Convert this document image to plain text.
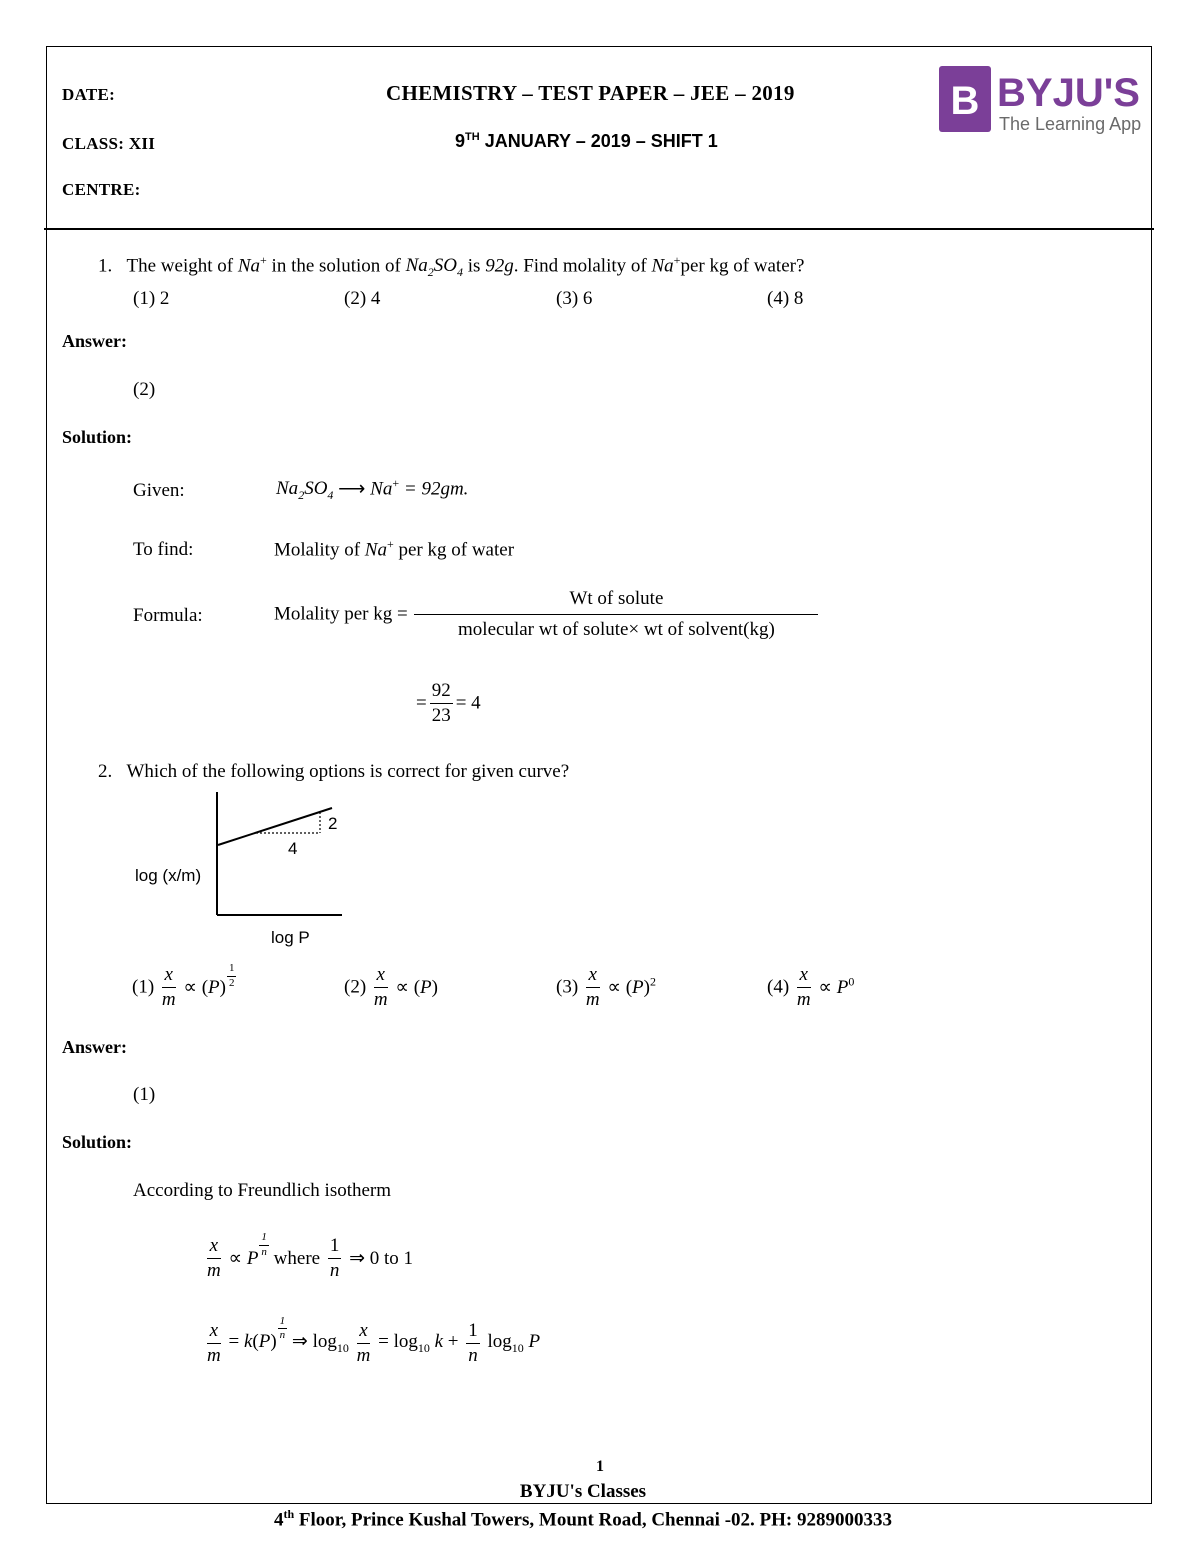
DATE:
CLASS: XII
CENTRE:
CHEMISTRY – TEST PAPER – JEE – 2019
9TH JANUARY – 2019 – SHIFT 1
B BYJU'S
The Learning App
1. The weight of Na+ in the solution of $Na_2SO_4$ is 92g. Find molality of Na+per kg of water?
(1) 2	(2) 4	(3) 6	(4) 8
Answer:
(2)
Solution:
Given:	$Na_2SO_4$ ⟶ Na+ = 92gm.
To find:	Molality of Na+ per kg of water
Formula:	Molality per kg = $\frac{\text{Wt of solute}}{\text{molecular wt of solute× wt of solvent(kg)}}$
= $\frac{92}{23} = 4$
2. Which of the following options is correct for given curve?
2
4
log (x/m)
log P
$(1) \frac{x}{m} \propto (P) \frac{1}{2}$	$(2) \frac{x}{m} \propto (P)$	$(3) \frac{x}{m} \propto (P)^2$	$(4) \frac{x}{m} \propto P^0$
Answer:
(1)
Solution:
According to Freundlich isotherm
$\frac{x}{m} \propto P \frac{1}{n}$ where $\frac{1}{n}$ ⇒ 0 to 1
$\frac{x}{m} = k(P) \frac{1}{n}$ ⇒ $\log_{10} \frac{x}{m} = \log_{10} k + \frac{1}{n} \log_{10} P$
1
BYJU's Classes
4th Floor, Prince Kushal Towers, Mount Road, Chennai -02. PH: 9289000333
